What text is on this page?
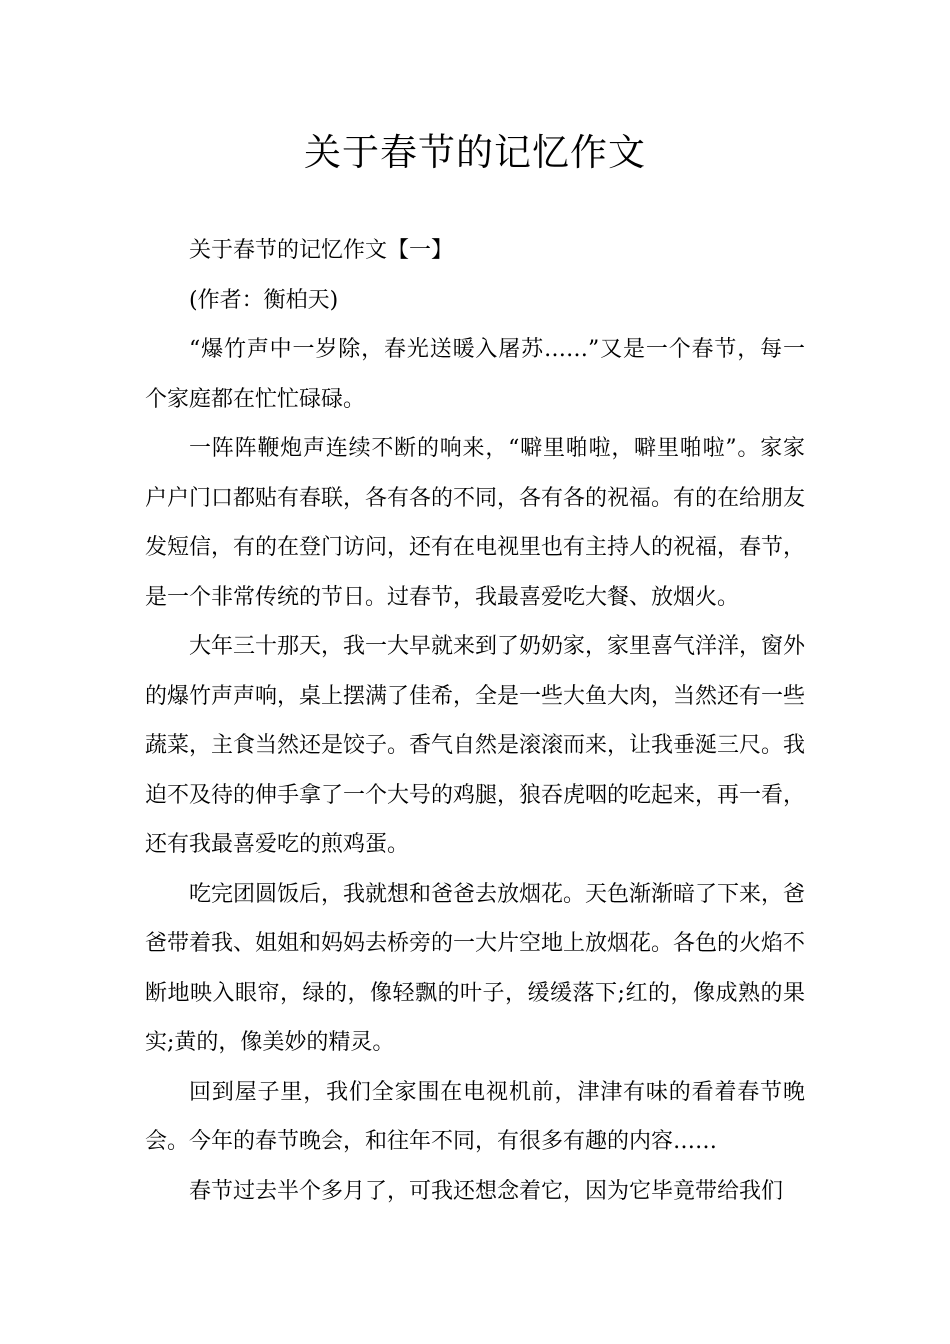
关于春节的记忆作文

关于春节的记忆作文【一】

(作者：衡柏天)

“爆竹声中一岁除，春光送暖入屠苏……”又是一个春节，每一个家庭都在忙忙碌碌。

一阵阵鞭炮声连续不断的响来，“噼里啪啦，噼里啪啦”。家家户户门口都贴有春联，各有各的不同，各有各的祝福。有的在给朋友发短信，有的在登门访问，还有在电视里也有主持人的祝福，春节，是一个非常传统的节日。过春节，我最喜爱吃大餐、放烟火。

大年三十那天，我一大早就来到了奶奶家，家里喜气洋洋，窗外的爆竹声声响，桌上摆满了佳希，全是一些大鱼大肉，当然还有一些蔬菜，主食当然还是饺子。香气自然是滚滚而来，让我垂涎三尺。我迫不及待的伸手拿了一个大号的鸡腿，狼吞虎咽的吃起来，再一看，还有我最喜爱吃的煎鸡蛋。

吃完团圆饭后，我就想和爸爸去放烟花。天色渐渐暗了下来，爸爸带着我、姐姐和妈妈去桥旁的一大片空地上放烟花。各色的火焰不断地映入眼帘，绿的，像轻飘的叶子，缓缓落下;红的，像成熟的果实;黄的，像美妙的精灵。

回到屋子里，我们全家围在电视机前，津津有味的看着春节晚会。今年的春节晚会，和往年不同，有很多有趣的内容……

春节过去半个多月了，可我还想念着它，因为它毕竟带给我们
